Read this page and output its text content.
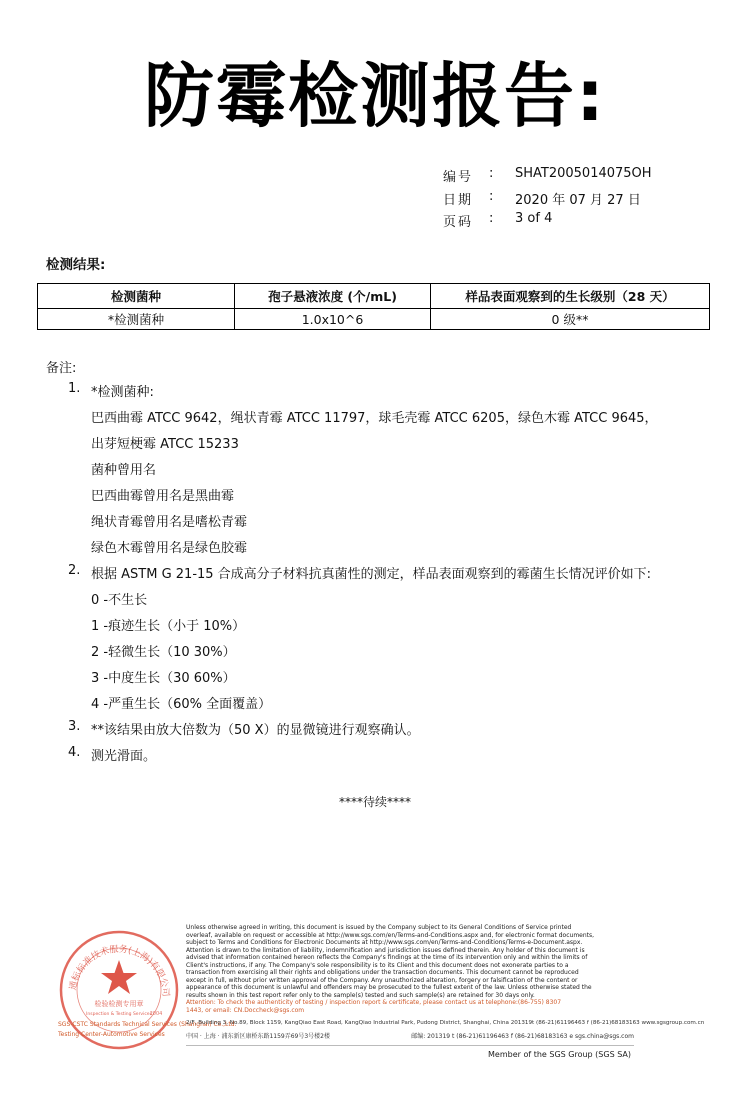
防霉检测报告:
编号	:	SHAT2005014075OH
日期	:	2020 年 07 月 27 日
页码	:	3 of 4
检测结果:
检测菌种	孢子悬液浓度 (个/mL)	样品表面观察到的生长级别（28 天）
*检测菌种	1.0x10^6	0 级**
备注:
1. *检测菌种:
巴西曲霉 ATCC 9642，绳状青霉 ATCC 11797，球毛壳霉 ATCC 6205，绿色木霉 ATCC 9645，
出芽短梗霉 ATCC 15233
菌种曾用名
巴西曲霉曾用名是黑曲霉
绳状青霉曾用名是嗜松青霉
绿色木霉曾用名是绿色胶霉
2. 根据 ASTM G 21-15 合成高分子材料抗真菌性的测定，样品表面观察到的霉菌生长情况评价如下:
0 -不生长
1 -痕迹生长（小于 10%）
2 -轻微生长（10 30%）
3 -中度生长（30 60%）
4 -严重生长（60% 全面覆盖）
3. **该结果由放大倍数为（50 X）的显微镜进行观察确认。
4. 测光滑面。
****待续****
通标标准技术服务(上海)有限公司
检验检测专用章
Inspection & Testing Services
2004
SGS-CSTC Standards Technical Services (Shanghai) Co.,Ltd.
Testing Center-Automotive Services
Unless otherwise agreed in writing, this document is issued by the Company subject to its General Conditions of Service printed
overleaf, available on request or accessible at http://www.sgs.com/en/Terms-and-Conditions.aspx and, for electronic format documents,
subject to Terms and Conditions for Electronic Documents at http://www.sgs.com/en/Terms-and-Conditions/Terms-e-Document.aspx.
Attention is drawn to the limitation of liability, indemnification and jurisdiction issues defined therein. Any holder of this document is
advised that information contained hereon reflects the Company's findings at the time of its intervention only and within the limits of
Client's instructions, if any. The Company's sole responsibility is to its Client and this document does not exonerate parties to a
transaction from exercising all their rights and obligations under the transaction documents. This document cannot be reproduced
except in full, without prior written approval of the Company. Any unauthorized alteration, forgery or falsification of the content or
appearance of this document is unlawful and offenders may be prosecuted to the fullest extent of the law. Unless otherwise stated the
results shown in this test report refer only to the sample(s) tested and such sample(s) are retained for 30 days only.
Attention: To check the authenticity of testing / inspection report & certificate, please contact us at telephone:(86-755) 8307
1443, or email: CN.Doccheck@sgs.com
2/F, Building 3, No.89, Block 1159, KangQiao East Road, KangQiao Industrial Park, Pudong District, Shanghai, China 201319 t (86-21)61196463 f (86-21)68183163 www.sgsgroup.com.cn
中国 · 上海 · 浦东新区康桥东路1159弄69号3号楼2楼	邮编: 201319 t (86-21)61196463 f (86-21)68183163 e sgs.china@sgs.com
Member of the SGS Group (SGS SA)
